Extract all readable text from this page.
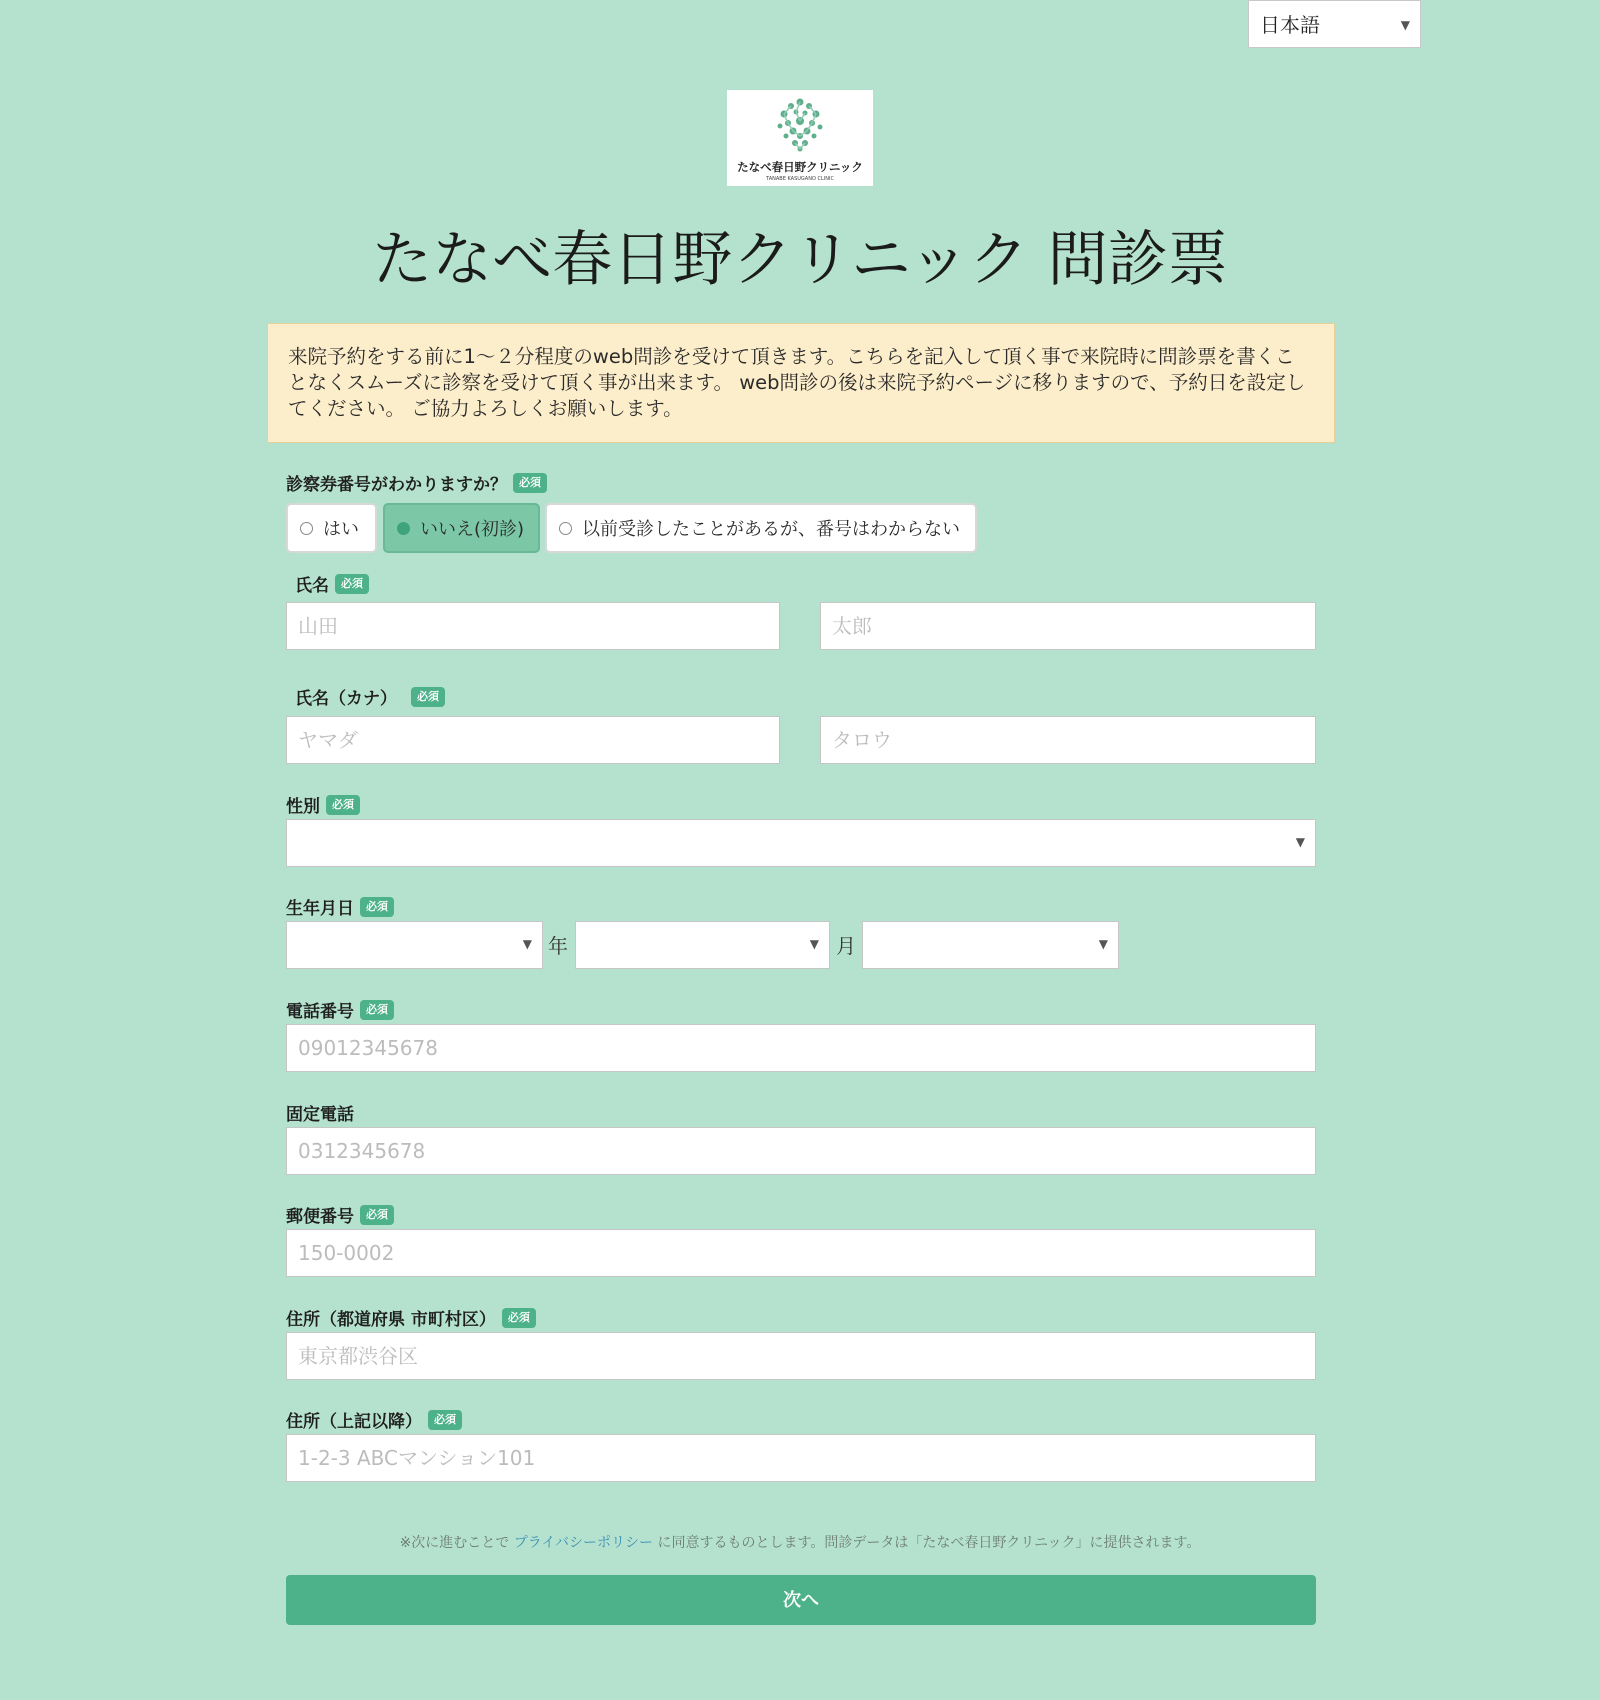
日本語	▼
たなべ春日野クリニック
TANABE KASUGANO CLINIC
たなべ春日野クリニック 問診票
来院予約をする前に1〜２分程度のweb問診を受けて頂きます。こちらを記入して頂く事で来院時に問診票を書くことなくスムーズに診察を受けて頂く事が出来ます。 web問診の後は来院予約ページに移りますので、予約日を設定してください。 ご協力よろしくお願いします。
診察券番号がわかりますか？	必須
はい	いいえ(初診)	以前受診したことがあるが、番号はわからない
氏名	必須
山田
太郎
氏名（カナ）	必須
ヤマダ
タロウ
性別	必須
▼
生年月日	必須
▼ 年	▼ 月	▼
電話番号	必須
09012345678
固定電話
0312345678
郵便番号	必須
150-0002
住所（都道府県 市町村区）	必須
東京都渋谷区
住所（上記以降）	必須
1-2-3 ABCマンション101
※次に進むことで プライバシーポリシー に同意するものとします。問診データは「たなべ春日野クリニック」に提供されます。
次へ
